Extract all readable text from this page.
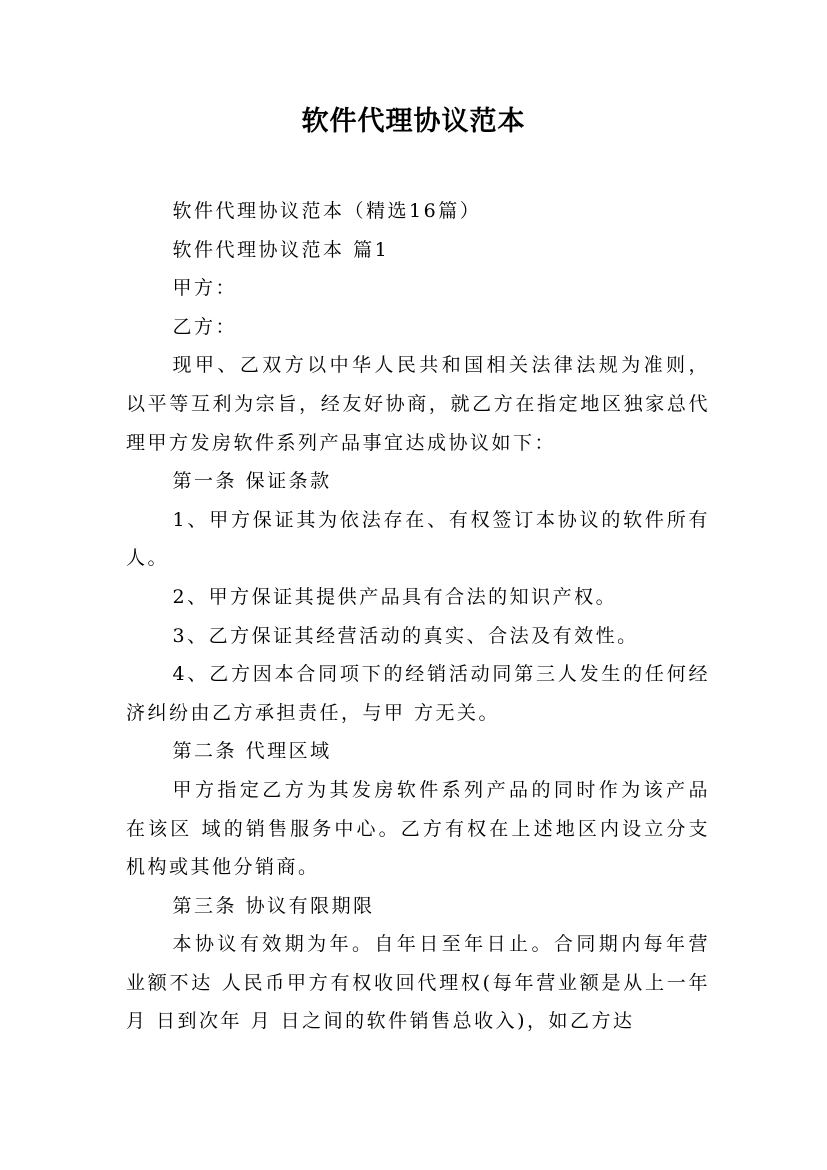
软件代理协议范本

软件代理协议范本（精选16篇）

软件代理协议范本 篇1

甲方：

乙方：

现甲、乙双方以中华人民共和国相关法律法规为准则，以平等互利为宗旨，经友好协商，就乙方在指定地区独家总代理甲方发房软件系列产品事宜达成协议如下：

第一条 保证条款

1、甲方保证其为依法存在、有权签订本协议的软件所有人。

2、甲方保证其提供产品具有合法的知识产权。

3、乙方保证其经营活动的真实、合法及有效性。

4、乙方因本合同项下的经销活动同第三人发生的任何经济纠纷由乙方承担责任，与甲 方无关。

第二条 代理区域

甲方指定乙方为其发房软件系列产品的同时作为该产品在该区 域的销售服务中心。乙方有权在上述地区内设立分支机构或其他分销商。

第三条 协议有限期限

本协议有效期为年。自年日至年日止。合同期内每年营业额不达 人民币甲方有权收回代理权(每年营业额是从上一年 月 日到次年 月 日之间的软件销售总收入)，如乙方达
